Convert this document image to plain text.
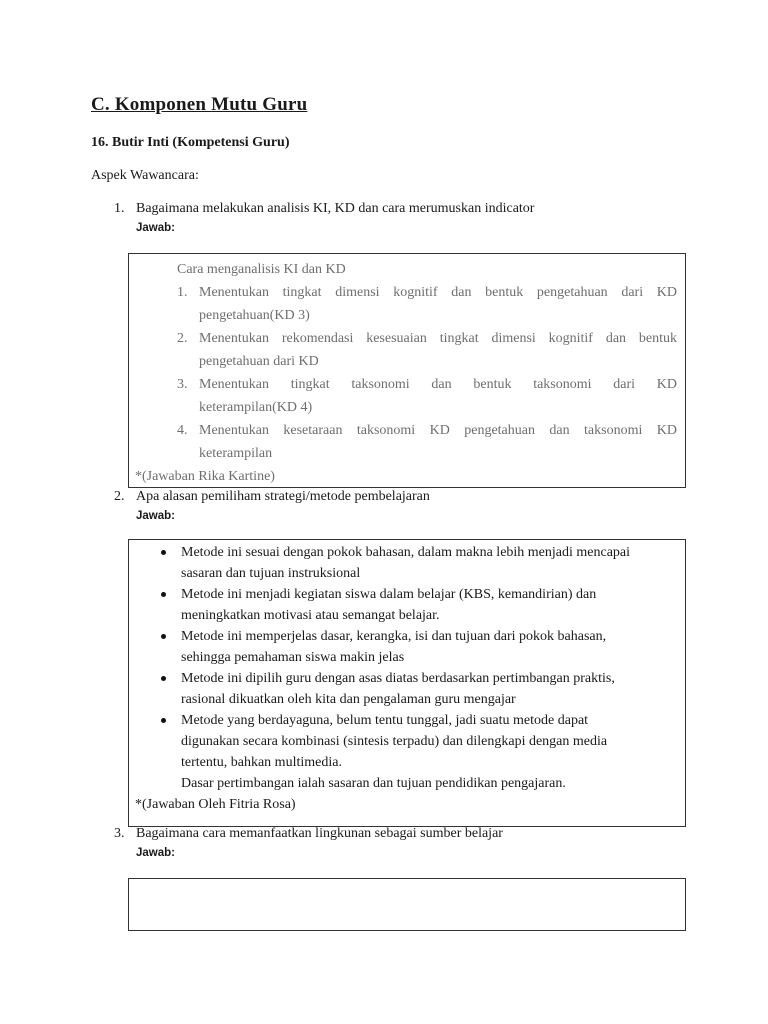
C. Komponen Mutu Guru
16. Butir Inti (Kompetensi Guru)
Aspek Wawancara:
1. Bagaimana melakukan analisis KI, KD dan cara merumuskan indicator
Jawab:
Cara menganalisis KI dan KD
1. Menentukan tingkat dimensi kognitif dan bentuk pengetahuan dari KD
pengetahuan(KD 3)
2. Menentukan rekomendasi kesesuaian tingkat dimensi kognitif dan bentuk
pengetahuan dari KD
3. Menentukan tingkat taksonomi dan bentuk taksonomi dari KD
keterampilan(KD 4)
4. Menentukan kesetaraan taksonomi KD pengetahuan dan taksonomi KD
keterampilan
*(Jawaban Rika Kartine)
2. Apa alasan pemiliham strategi/metode pembelajaran
Jawab:
Metode ini sesuai dengan pokok bahasan, dalam makna lebih menjadi mencapai
sasaran dan tujuan instruksional
Metode ini menjadi kegiatan siswa dalam belajar (KBS, kemandirian) dan
meningkatkan motivasi atau semangat belajar.
Metode ini memperjelas dasar, kerangka, isi dan tujuan dari pokok bahasan,
sehingga pemahaman siswa makin jelas
Metode ini dipilih guru dengan asas diatas berdasarkan pertimbangan praktis,
rasional dikuatkan oleh kita dan pengalaman guru mengajar
Metode yang berdayaguna, belum tentu tunggal, jadi suatu metode dapat
digunakan secara kombinasi (sintesis terpadu) dan dilengkapi dengan media
tertentu, bahkan multimedia.
Dasar pertimbangan ialah sasaran dan tujuan pendidikan pengajaran.
*(Jawaban Oleh Fitria Rosa)
3. Bagaimana cara memanfaatkan lingkunan sebagai sumber belajar
Jawab:
